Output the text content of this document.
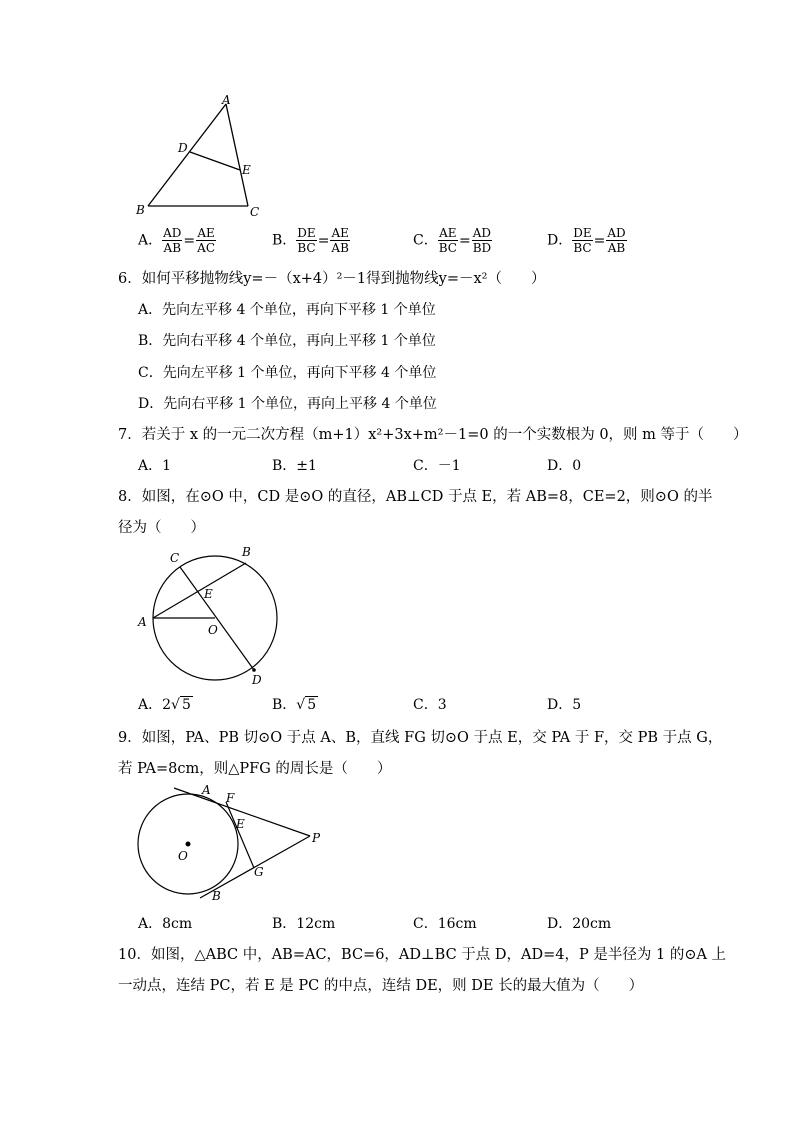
A
D
E
B	C
A． $\frac{AD}{AB} = \frac{AE}{AC}$	B． $\frac{DE}{BC} = \frac{AE}{AB}$	C． $\frac{AE}{BC} = \frac{AD}{BD}$	D． $\frac{DE}{BC} = \frac{AD}{AB}$
6．如何平移抛物线y=－（x+4）²－1得到抛物线y=－x²（　　）
A．先向左平移 4 个单位，再向下平移 1 个单位
B．先向右平移 4 个单位，再向上平移 1 个单位
C．先向左平移 1 个单位，再向下平移 4 个单位
D．先向右平移 1 个单位，再向上平移 4 个单位
7．若关于 x 的一元二次方程（m+1）x²+3x+m²－1=0 的一个实数根为 0，则 m 等于（　　）
A．1	B．±1	C．－1	D．0
8．如图，在⊙O 中，CD 是⊙O 的直径，AB⊥CD 于点 E，若 AB=8，CE=2，则⊙O 的半
径为（　　）
C	B
E
A
O
D
A．2√ 5	B．√ 5	C．3	D．5
9．如图，PA、PB 切⊙O 于点 A、B，直线 FG 切⊙O 于点 E，交 PA 于 F，交 PB 于点 G，
若 PA=8cm，则△PFG 的周长是（　　）
A
F
E
P
O
G
B
A．8cm	B．12cm	C．16cm	D．20cm
10．如图，△ABC 中，AB=AC，BC=6，AD⊥BC 于点 D，AD=4，P 是半径为 1 的⊙A 上
一动点，连结 PC，若 E 是 PC 的中点，连结 DE，则 DE 长的最大值为（　　）
